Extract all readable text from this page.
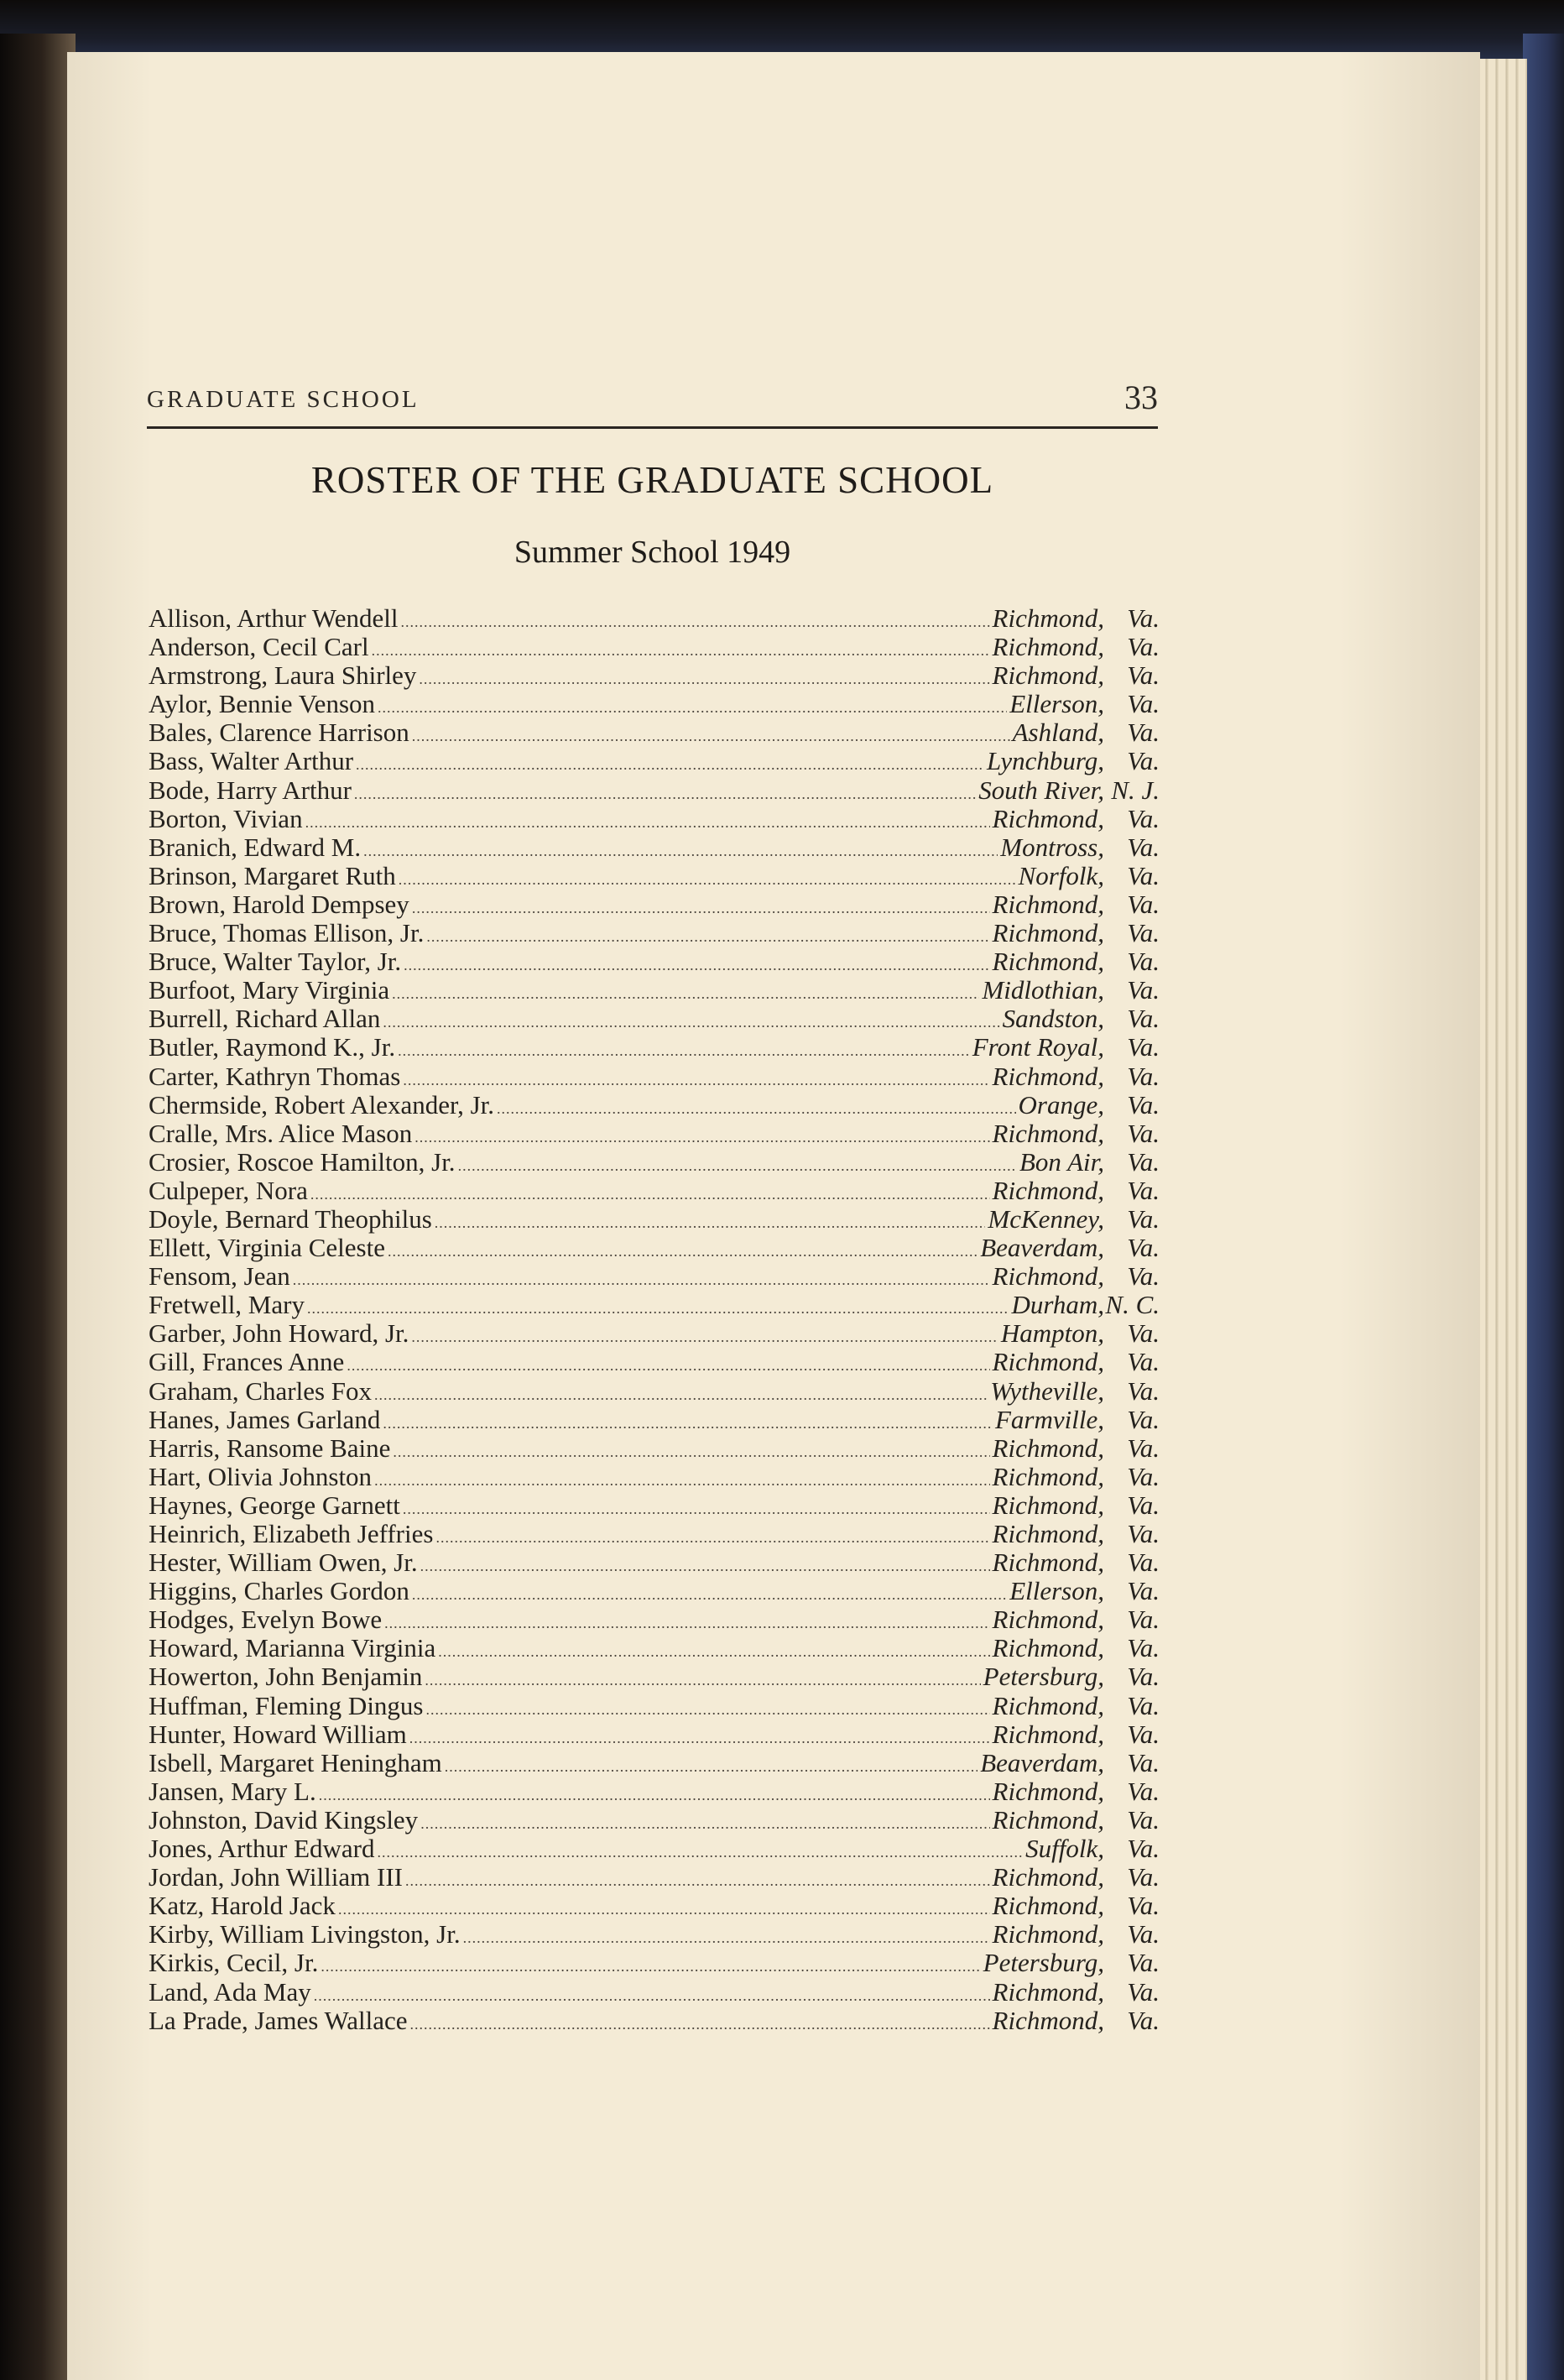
GRADUATE SCHOOL	33
ROSTER OF THE GRADUATE SCHOOL
Summer School 1949
Allison, Arthur Wendell .....	Richmond, Va.
Anderson, Cecil Carl .....	Richmond, Va.
Armstrong, Laura Shirley .....	Richmond, Va.
Aylor, Bennie Venson .....	Ellerson, Va.
Bales, Clarence Harrison .....	Ashland, Va.
Bass, Walter Arthur .....	Lynchburg, Va.
Bode, Harry Arthur .....	South River, N. J.
Borton, Vivian .....	Richmond, Va.
Branich, Edward M. .....	Montross, Va.
Brinson, Margaret Ruth .....	Norfolk, Va.
Brown, Harold Dempsey .....	Richmond, Va.
Bruce, Thomas Ellison, Jr. .....	Richmond, Va.
Bruce, Walter Taylor, Jr. .....	Richmond, Va.
Burfoot, Mary Virginia .....	Midlothian, Va.
Burrell, Richard Allan .....	Sandston, Va.
Butler, Raymond K., Jr. .....	Front Royal, Va.
Carter, Kathryn Thomas .....	Richmond, Va.
Chermside, Robert Alexander, Jr. .....	Orange, Va.
Cralle, Mrs. Alice Mason .....	Richmond, Va.
Crosier, Roscoe Hamilton, Jr. .....	Bon Air, Va.
Culpeper, Nora .....	Richmond, Va.
Doyle, Bernard Theophilus .....	McKenney, Va.
Ellett, Virginia Celeste .....	Beaverdam, Va.
Fensom, Jean .....	Richmond, Va.
Fretwell, Mary .....	Durham, N. C.
Garber, John Howard, Jr. .....	Hampton, Va.
Gill, Frances Anne .....	Richmond, Va.
Graham, Charles Fox .....	Wytheville, Va.
Hanes, James Garland .....	Farmville, Va.
Harris, Ransome Baine .....	Richmond, Va.
Hart, Olivia Johnston .....	Richmond, Va.
Haynes, George Garnett .....	Richmond, Va.
Heinrich, Elizabeth Jeffries .....	Richmond, Va.
Hester, William Owen, Jr. .....	Richmond, Va.
Higgins, Charles Gordon .....	Ellerson, Va.
Hodges, Evelyn Bowe .....	Richmond, Va.
Howard, Marianna Virginia .....	Richmond, Va.
Howerton, John Benjamin .....	Petersburg, Va.
Huffman, Fleming Dingus .....	Richmond, Va.
Hunter, Howard William .....	Richmond, Va.
Isbell, Margaret Heningham .....	Beaverdam, Va.
Jansen, Mary L. .....	Richmond, Va.
Johnston, David Kingsley .....	Richmond, Va.
Jones, Arthur Edward .....	Suffolk, Va.
Jordan, John William III .....	Richmond, Va.
Katz, Harold Jack .....	Richmond, Va.
Kirby, William Livingston, Jr. .....	Richmond, Va.
Kirkis, Cecil, Jr. .....	Petersburg, Va.
Land, Ada May .....	Richmond, Va.
La Prade, James Wallace .....	Richmond, Va.
